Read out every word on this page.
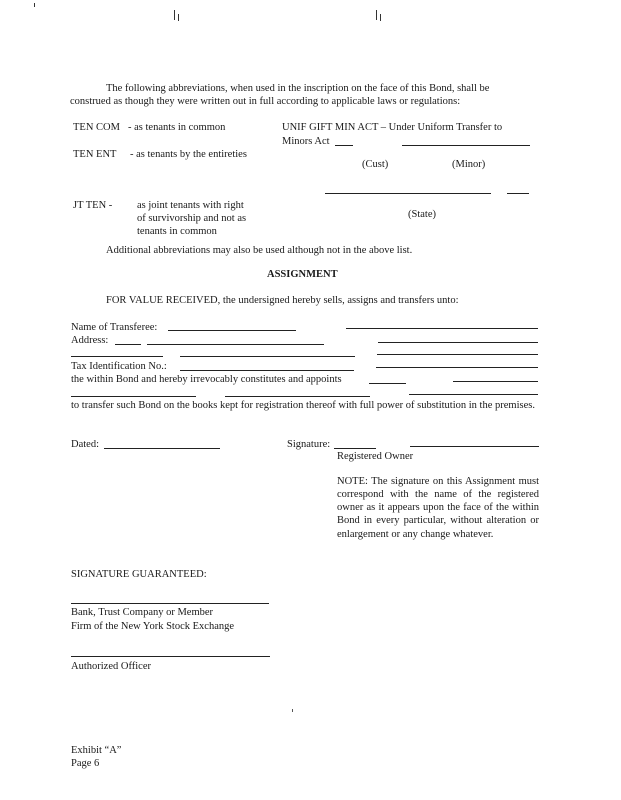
The following abbreviations, when used in the inscription on the face of this Bond, shall be
construed as though they were written out in full according to applicable laws or regulations:
TEN COM - as tenants in common	UNIF GIFT MIN ACT – Under Uniform Transfer to
Minors Act
TEN ENT - as tenants by the entireties
(Cust)	(Minor)
JT TEN - as joint tenants with right
of survivorship and not as
tenants in common
(State)
Additional abbreviations may also be used although not in the above list.
ASSIGNMENT
FOR VALUE RECEIVED, the undersigned hereby sells, assigns and transfers unto:
Name of Transferee:
Address:
Tax Identification No.:
the within Bond and hereby irrevocably constitutes and appoints
to transfer such Bond on the books kept for registration thereof with full power of substitution in the premises.
Dated:	Signature:
Registered Owner
NOTE: The signature on this Assignment must correspond with the name of the registered owner as it appears upon the face of the within Bond in every particular, without alteration or enlargement or any change whatever.
SIGNATURE GUARANTEED:
Bank, Trust Company or Member
Firm of the New York Stock Exchange
Authorized Officer
Exhibit “A”
Page 6
